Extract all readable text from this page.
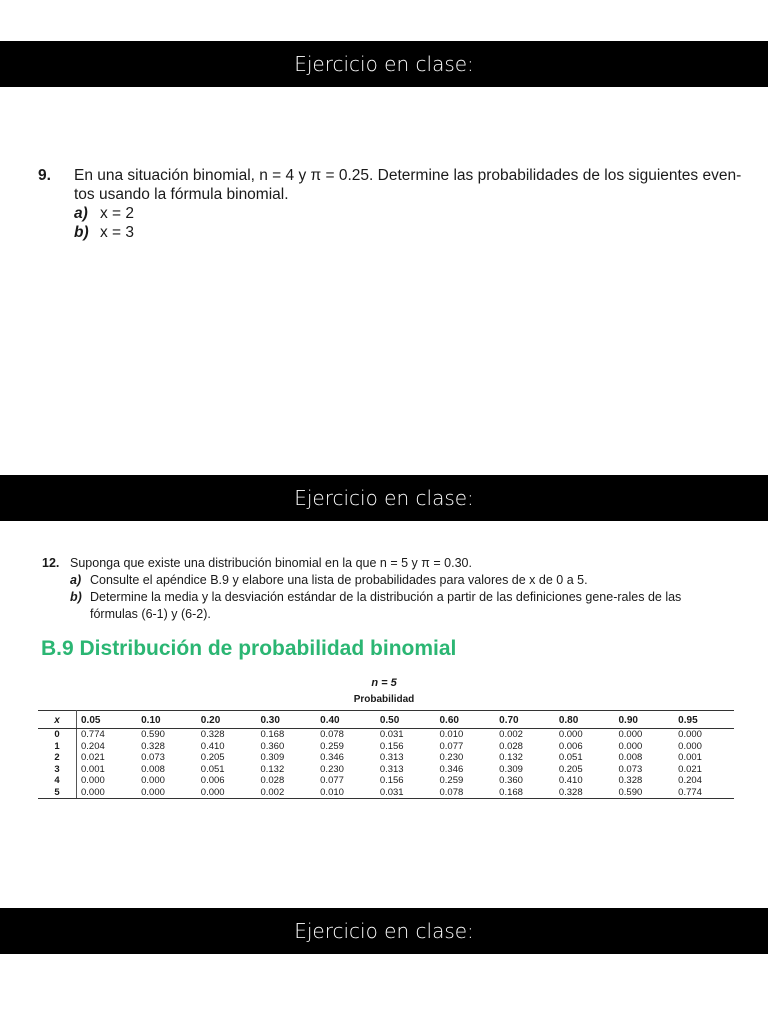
Ejercicio en clase:
9. En una situación binomial, n = 4 y π = 0.25. Determine las probabilidades de los siguientes even-
tos usando la fórmula binomial.
a) x = 2
b) x = 3
Ejercicio en clase:
12. Suponga que existe una distribución binomial en la que n = 5 y π = 0.30.
a) Consulte el apéndice B.9 y elabore una lista de probabilidades para valores de x de 0 a 5.
b) Determine la media y la desviación estándar de la distribución a partir de las definiciones gene-rales de las fórmulas (6-1) y (6-2).
B.9 Distribución de probabilidad binomial
n = 5
Probabilidad
x	0.05	0.10	0.20	0.30	0.40	0.50	0.60	0.70	0.80	0.90	0.95
0	0.774	0.590	0.328	0.168	0.078	0.031	0.010	0.002	0.000	0.000	0.000
1	0.204	0.328	0.410	0.360	0.259	0.156	0.077	0.028	0.006	0.000	0.000
2	0.021	0.073	0.205	0.309	0.346	0.313	0.230	0.132	0.051	0.008	0.001
3	0.001	0.008	0.051	0.132	0.230	0.313	0.346	0.309	0.205	0.073	0.021
4	0.000	0.000	0.006	0.028	0.077	0.156	0.259	0.360	0.410	0.328	0.204
5	0.000	0.000	0.000	0.002	0.010	0.031	0.078	0.168	0.328	0.590	0.774
Ejercicio en clase:
